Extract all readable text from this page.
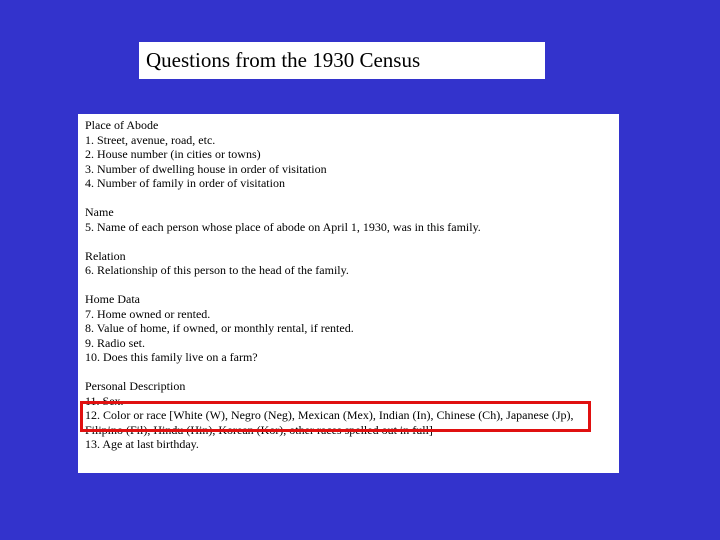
Questions from the 1930 Census
Place of Abode
1. Street, avenue, road, etc.
2. House number (in cities or towns)
3. Number of dwelling house in order of visitation
4. Number of family in order of visitation
Name
5. Name of each person whose place of abode on April 1, 1930, was in this family.
Relation
6. Relationship of this person to the head of the family.
Home Data
7. Home owned or rented.
8. Value of home, if owned, or monthly rental, if rented.
9. Radio set.
10. Does this family live on a farm?
Personal Description
11. Sex.
12. Color or race [White (W), Negro (Neg), Mexican (Mex), Indian (In), Chinese (Ch), Japanese (Jp),
Filipino (Fil), Hindu (Hin), Korean (Kor), other races spelled out in full]
13. Age at last birthday.
